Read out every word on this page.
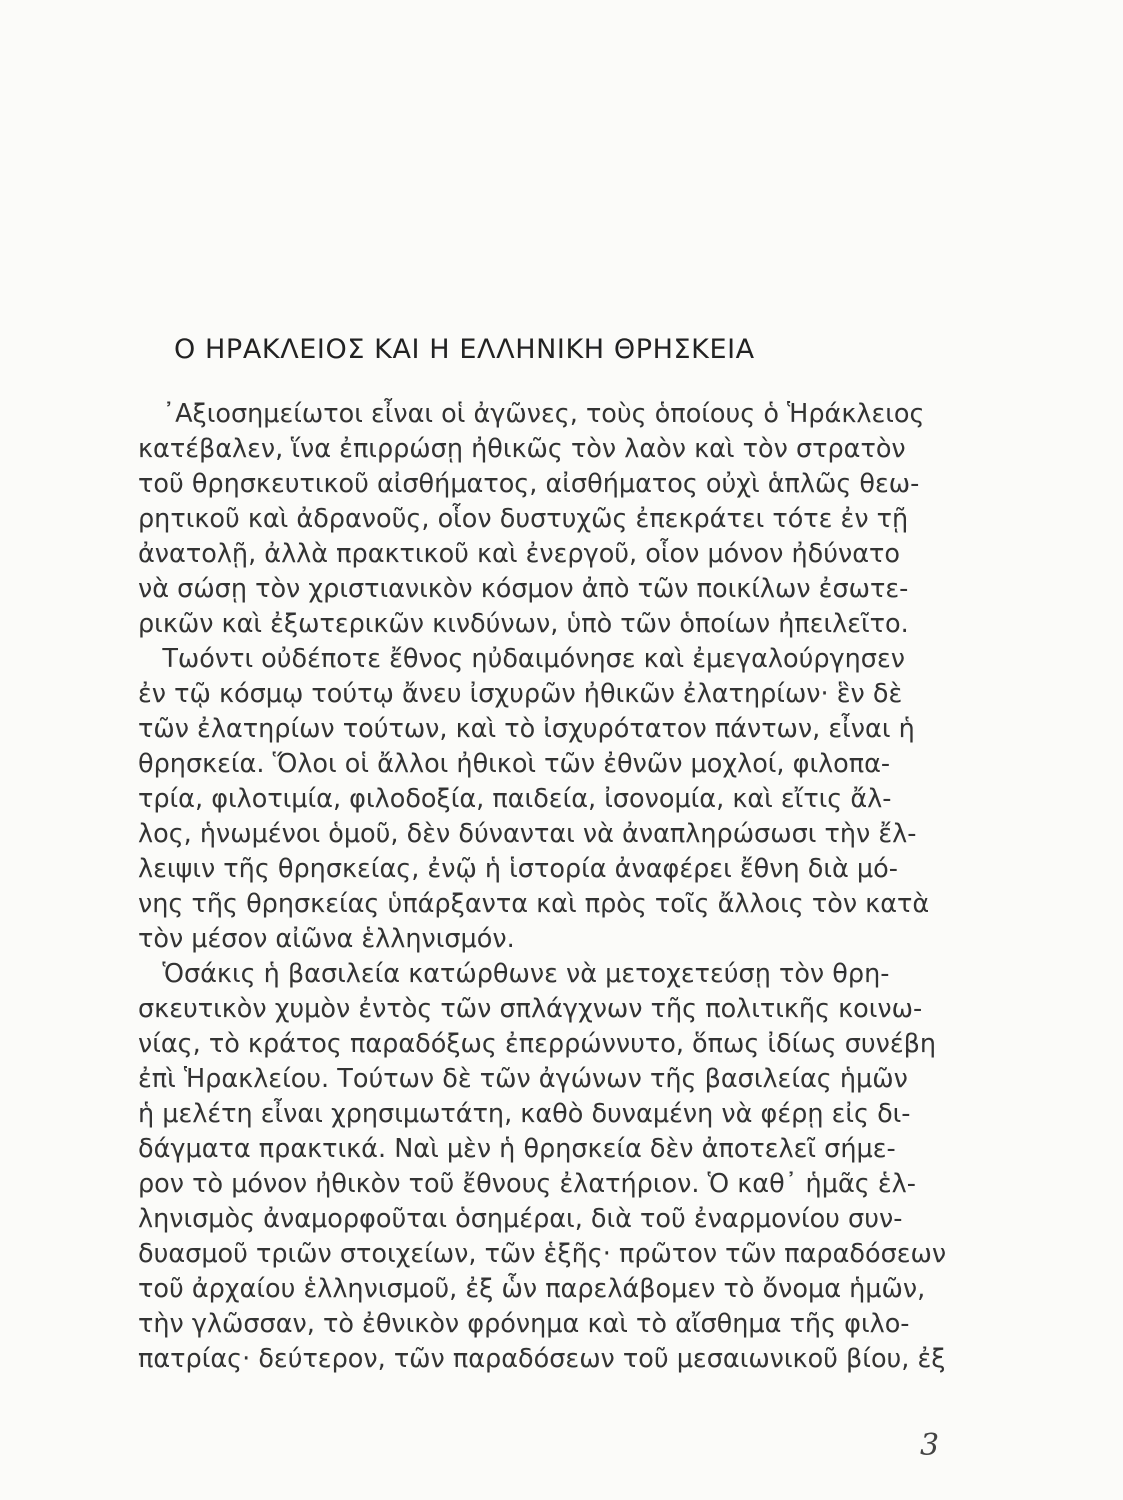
Ο ΗΡΑΚΛΕΙΟΣ ΚΑΙ Η ΕΛΛΗΝΙΚΗ ΘΡΗΣΚΕΙΑ
᾿Αξιοσημείωτοι εἶναι οἱ ἀγῶνες, τοὺς ὁποίους ὁ Ἡράκλειος
κατέβαλεν, ἵνα ἐπιρρώσῃ ἠθικῶς τὸν λαὸν καὶ τὸν στρατὸν
τοῦ θρησκευτικοῦ αἰσθήματος, αἰσθήματος οὐχὶ ἁπλῶς θεω-
ρητικοῦ καὶ ἀδρανοῦς, οἷον δυστυχῶς ἐπεκράτει τότε ἐν τῇ
ἀνατολῇ, ἀλλὰ πρακτικοῦ καὶ ἐνεργοῦ, οἷον μόνον ἠδύνατο
νὰ σώσῃ τὸν χριστιανικὸν κόσμον ἀπὸ τῶν ποικίλων ἐσωτε-
ρικῶν καὶ ἐξωτερικῶν κινδύνων, ὑπὸ τῶν ὁποίων ἠπειλεῖτο.
Τωόντι οὐδέποτε ἔθνος ηὐδαιμόνησε καὶ ἐμεγαλούργησεν
ἐν τῷ κόσμῳ τούτῳ ἄνευ ἰσχυρῶν ἠθικῶν ἐλατηρίων· ἓν δὲ
τῶν ἐλατηρίων τούτων, καὶ τὸ ἰσχυρότατον πάντων, εἶναι ἡ
θρησκεία. Ὅλοι οἱ ἄλλοι ἠθικοὶ τῶν ἐθνῶν μοχλοί, φιλοπα-
τρία, φιλοτιμία, φιλοδοξία, παιδεία, ἰσονομία, καὶ εἴτις ἄλ-
λος, ἡνωμένοι ὁμοῦ, δὲν δύνανται νὰ ἀναπληρώσωσι τὴν ἔλ-
λειψιν τῆς θρησκείας, ἐνῷ ἡ ἱστορία ἀναφέρει ἔθνη διὰ μό-
νης τῆς θρησκείας ὑπάρξαντα καὶ πρὸς τοῖς ἄλλοις τὸν κατὰ
τὸν μέσον αἰῶνα ἑλληνισμόν.
Ὁσάκις ἡ βασιλεία κατώρθωνε νὰ μετοχετεύσῃ τὸν θρη-
σκευτικὸν χυμὸν ἐντὸς τῶν σπλάγχνων τῆς πολιτικῆς κοινω-
νίας, τὸ κράτος παραδόξως ἐπερρώννυτο, ὅπως ἰδίως συνέβη
ἐπὶ Ἡρακλείου. Τούτων δὲ τῶν ἀγώνων τῆς βασιλείας ἡμῶν
ἡ μελέτη εἶναι χρησιμωτάτη, καθὸ δυναμένη νὰ φέρῃ εἰς δι-
δάγματα πρακτικά. Ναὶ μὲν ἡ θρησκεία δὲν ἀποτελεῖ σήμε-
ρον τὸ μόνον ἠθικὸν τοῦ ἔθνους ἐλατήριον. Ὁ καθ᾿ ἡμᾶς ἑλ-
ληνισμὸς ἀναμορφοῦται ὁσημέραι, διὰ τοῦ ἐναρμονίου συν-
δυασμοῦ τριῶν στοιχείων, τῶν ἑξῆς· πρῶτον τῶν παραδόσεων
τοῦ ἀρχαίου ἑλληνισμοῦ, ἐξ ὧν παρελάβομεν τὸ ὄνομα ἡμῶν,
τὴν γλῶσσαν, τὸ ἐθνικὸν φρόνημα καὶ τὸ αἴσθημα τῆς φιλο-
πατρίας· δεύτερον, τῶν παραδόσεων τοῦ μεσαιωνικοῦ βίου, ἐξ
3
